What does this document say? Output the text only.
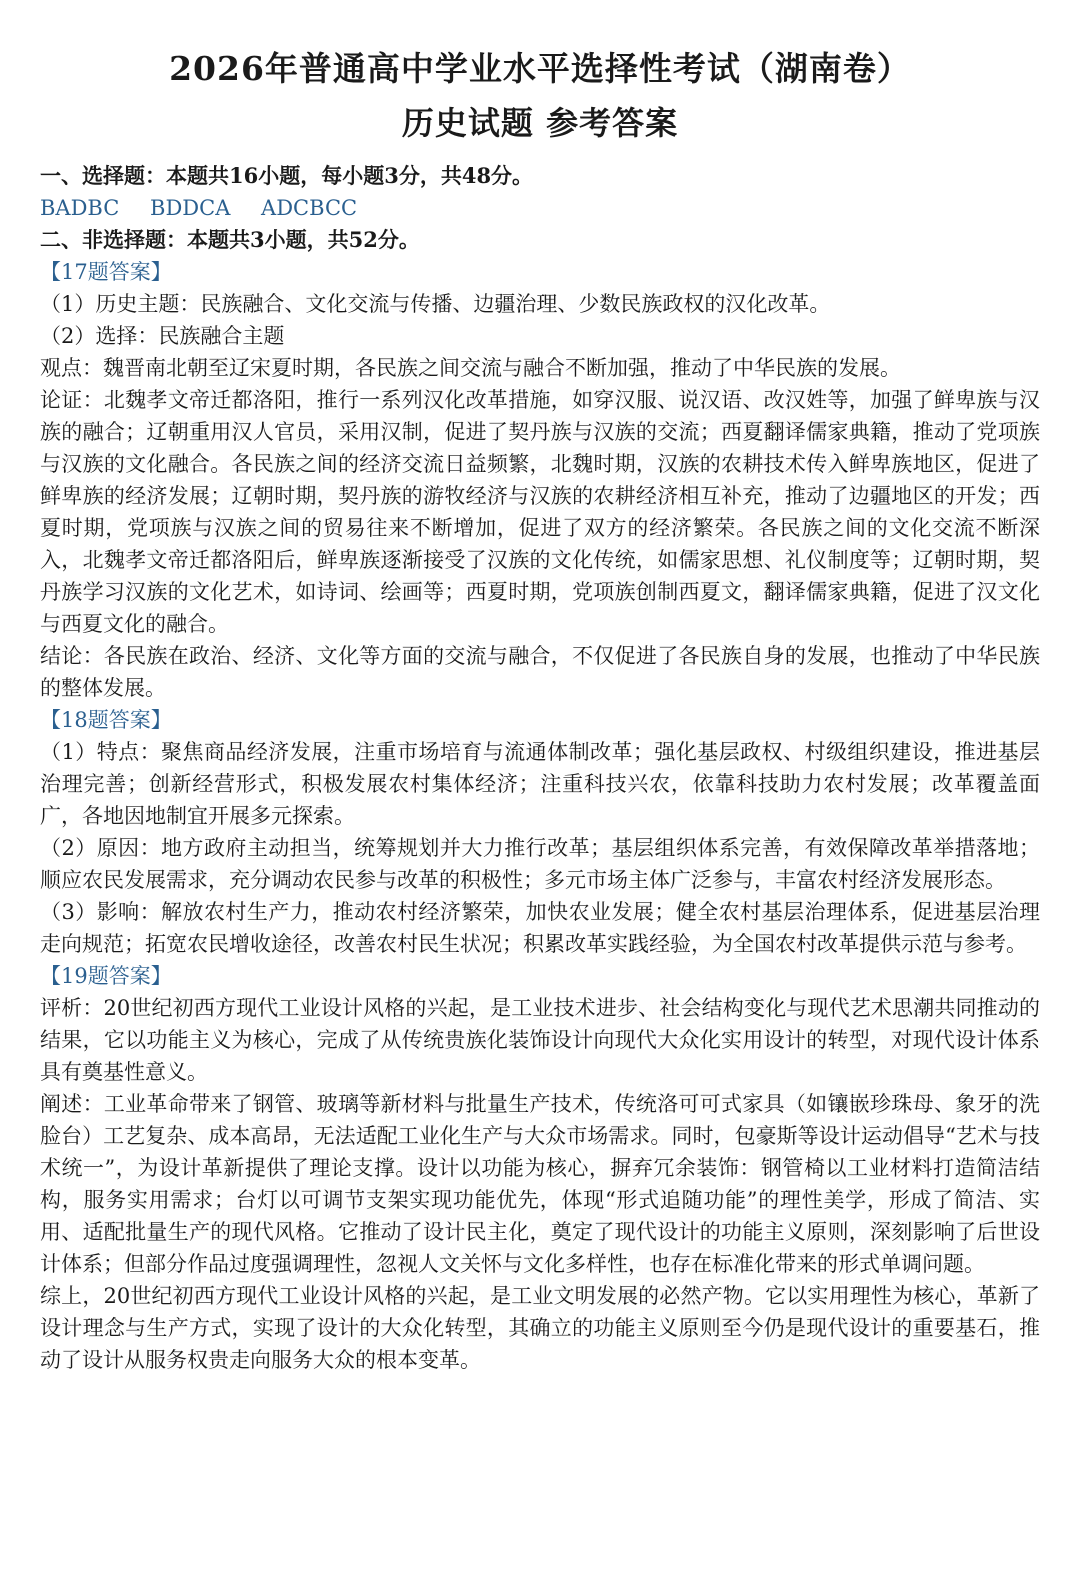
2026年普通高中学业水平选择性考试（湖南卷）
历史试题 参考答案

一、选择题：本题共16小题，每小题3分，共48分。

BADBC BDDCA ADCBCC

二、非选择题：本题共3小题，共52分。

【17题答案】

（1）历史主题：民族融合、文化交流与传播、边疆治理、少数民族政权的汉化改革。

（2）选择：民族融合主题

观点：魏晋南北朝至辽宋夏时期，各民族之间交流与融合不断加强，推动了中华民族的发展。

论证：北魏孝文帝迁都洛阳，推行一系列汉化改革措施，如穿汉服、说汉语、改汉姓等，加强了鲜卑族与汉族的融合；辽朝重用汉人官员，采用汉制，促进了契丹族与汉族的交流；西夏翻译儒家典籍，推动了党项族与汉族的文化融合。各民族之间的经济交流日益频繁，北魏时期，汉族的农耕技术传入鲜卑族地区，促进了鲜卑族的经济发展；辽朝时期，契丹族的游牧经济与汉族的农耕经济相互补充，推动了边疆地区的开发；西夏时期，党项族与汉族之间的贸易往来不断增加，促进了双方的经济繁荣。各民族之间的文化交流不断深入，北魏孝文帝迁都洛阳后，鲜卑族逐渐接受了汉族的文化传统，如儒家思想、礼仪制度等；辽朝时期，契丹族学习汉族的文化艺术，如诗词、绘画等；西夏时期，党项族创制西夏文，翻译儒家典籍，促进了汉文化与西夏文化的融合。

结论：各民族在政治、经济、文化等方面的交流与融合，不仅促进了各民族自身的发展，也推动了中华民族的整体发展。

【18题答案】

（1）特点：聚焦商品经济发展，注重市场培育与流通体制改革；强化基层政权、村级组织建设，推进基层治理完善；创新经营形式，积极发展农村集体经济；注重科技兴农，依靠科技助力农村发展；改革覆盖面广，各地因地制宜开展多元探索。

（2）原因：地方政府主动担当，统筹规划并大力推行改革；基层组织体系完善，有效保障改革举措落地；顺应农民发展需求，充分调动农民参与改革的积极性；多元市场主体广泛参与，丰富农村经济发展形态。

（3）影响：解放农村生产力，推动农村经济繁荣，加快农业发展；健全农村基层治理体系，促进基层治理走向规范；拓宽农民增收途径，改善农村民生状况；积累改革实践经验，为全国农村改革提供示范与参考。

【19题答案】

评析：20世纪初西方现代工业设计风格的兴起，是工业技术进步、社会结构变化与现代艺术思潮共同推动的结果，它以功能主义为核心，完成了从传统贵族化装饰设计向现代大众化实用设计的转型，对现代设计体系具有奠基性意义。

阐述：工业革命带来了钢管、玻璃等新材料与批量生产技术，传统洛可可式家具（如镶嵌珍珠母、象牙的洗脸台）工艺复杂、成本高昂，无法适配工业化生产与大众市场需求。同时，包豪斯等设计运动倡导“艺术与技术统一”，为设计革新提供了理论支撑。设计以功能为核心，摒弃冗余装饰：钢管椅以工业材料打造简洁结构，服务实用需求；台灯以可调节支架实现功能优先，体现“形式追随功能”的理性美学，形成了简洁、实用、适配批量生产的现代风格。它推动了设计民主化，奠定了现代设计的功能主义原则，深刻影响了后世设计体系；但部分作品过度强调理性，忽视人文关怀与文化多样性，也存在标准化带来的形式单调问题。

综上，20世纪初西方现代工业设计风格的兴起，是工业文明发展的必然产物。它以实用理性为核心，革新了设计理念与生产方式，实现了设计的大众化转型，其确立的功能主义原则至今仍是现代设计的重要基石，推动了设计从服务权贵走向服务大众的根本变革。
